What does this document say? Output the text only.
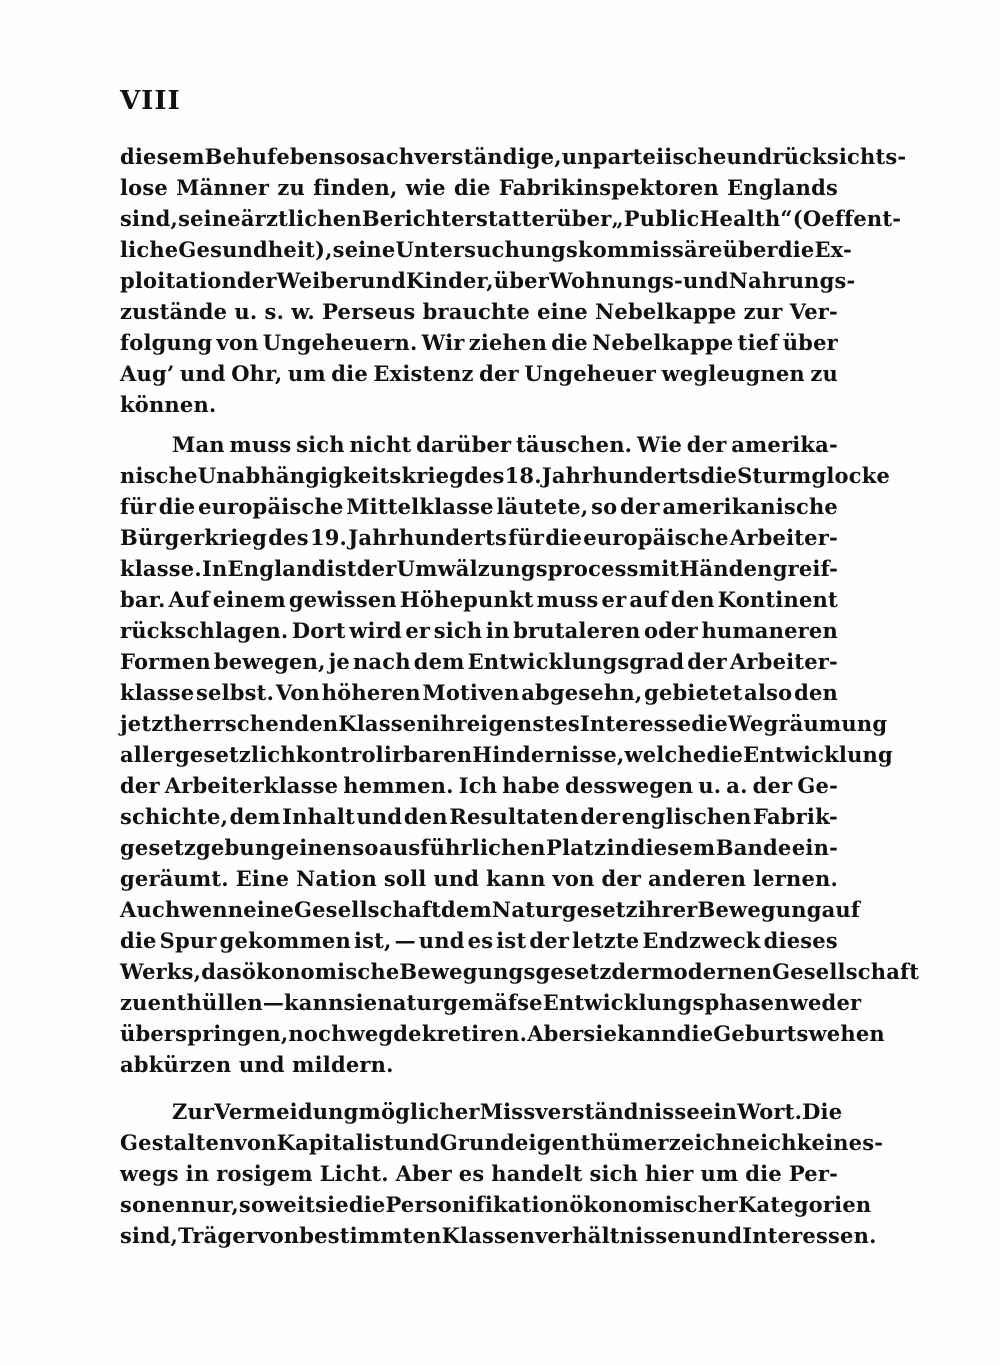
VIII
diesem Behuf ebenso sachverständige, unparteiische und rücksichts-
lose Männer zu finden, wie die Fabrikinspektoren Englands
sind, seine ärztlichen Berichterstatter über „Public Health“ (Oeffent-
liche Gesundheit), seine Untersuchungskommissäre über die Ex-
ploitation der Weiber und Kinder, über Wohnungs- und Nahrungs-
zustände u. s. w. Perseus brauchte eine Nebelkappe zur Ver-
folgung von Ungeheuern. Wir ziehen die Nebelkappe tief über
Aug’ und Ohr, um die Existenz der Ungeheuer wegleugnen zu
können.
Man muss sich nicht darüber täuschen. Wie der amerika-
nische Unabhängigkeitskrieg des 18. Jahrhunderts die Sturmglocke
für die europäische Mittelklasse läutete, so der amerikanische
Bürgerkrieg des 19. Jahrhunderts für die europäische Arbeiter-
klasse. In England ist der Umwälzungsprocess mit Händen greif-
bar. Auf einem gewissen Höhepunkt muss er auf den Kontinent
rückschlagen. Dort wird er sich in brutaleren oder humaneren
Formen bewegen, je nach dem Entwicklungsgrad der Arbeiter-
klasse selbst. Von höheren Motiven abgesehn, gebietet also den
jetzt herrschenden Klassen ihr eigenstes Interesse die Wegräumung
aller gesetzlich kontrolirbaren Hindernisse, welche die Entwicklung
der Arbeiterklasse hemmen. Ich habe desswegen u. a. der Ge-
schichte, dem Inhalt und den Resultaten der englischen Fabrik-
gesetzgebung einen so ausführlichen Platz in diesem Bande ein-
geräumt. Eine Nation soll und kann von der anderen lernen.
Auch wenn eine Gesellschaft dem Naturgesetz ihrer Bewegung auf
die Spur gekommen ist, — und es ist der letzte Endzweck dieses
Werks, das ökonomische Bewegungsgesetz der modernen Gesellschaft
zu enthüllen — kann sie naturgemäfse Entwicklungsphasen weder
überspringen, noch wegdekretiren. Aber sie kann die Geburtswehen
abkürzen und mildern.
Zur Vermeidung möglicher Missverständnisse ein Wort. Die
Gestalten von Kapitalist und Grundeigenthümer zeichne ich keines-
wegs in rosigem Licht. Aber es handelt sich hier um die Per-
sonen nur, soweit sie die Personifikation ökonomischer Kategorien
sind, Träger von bestimmten Klassenverhältnissen und Interessen.
